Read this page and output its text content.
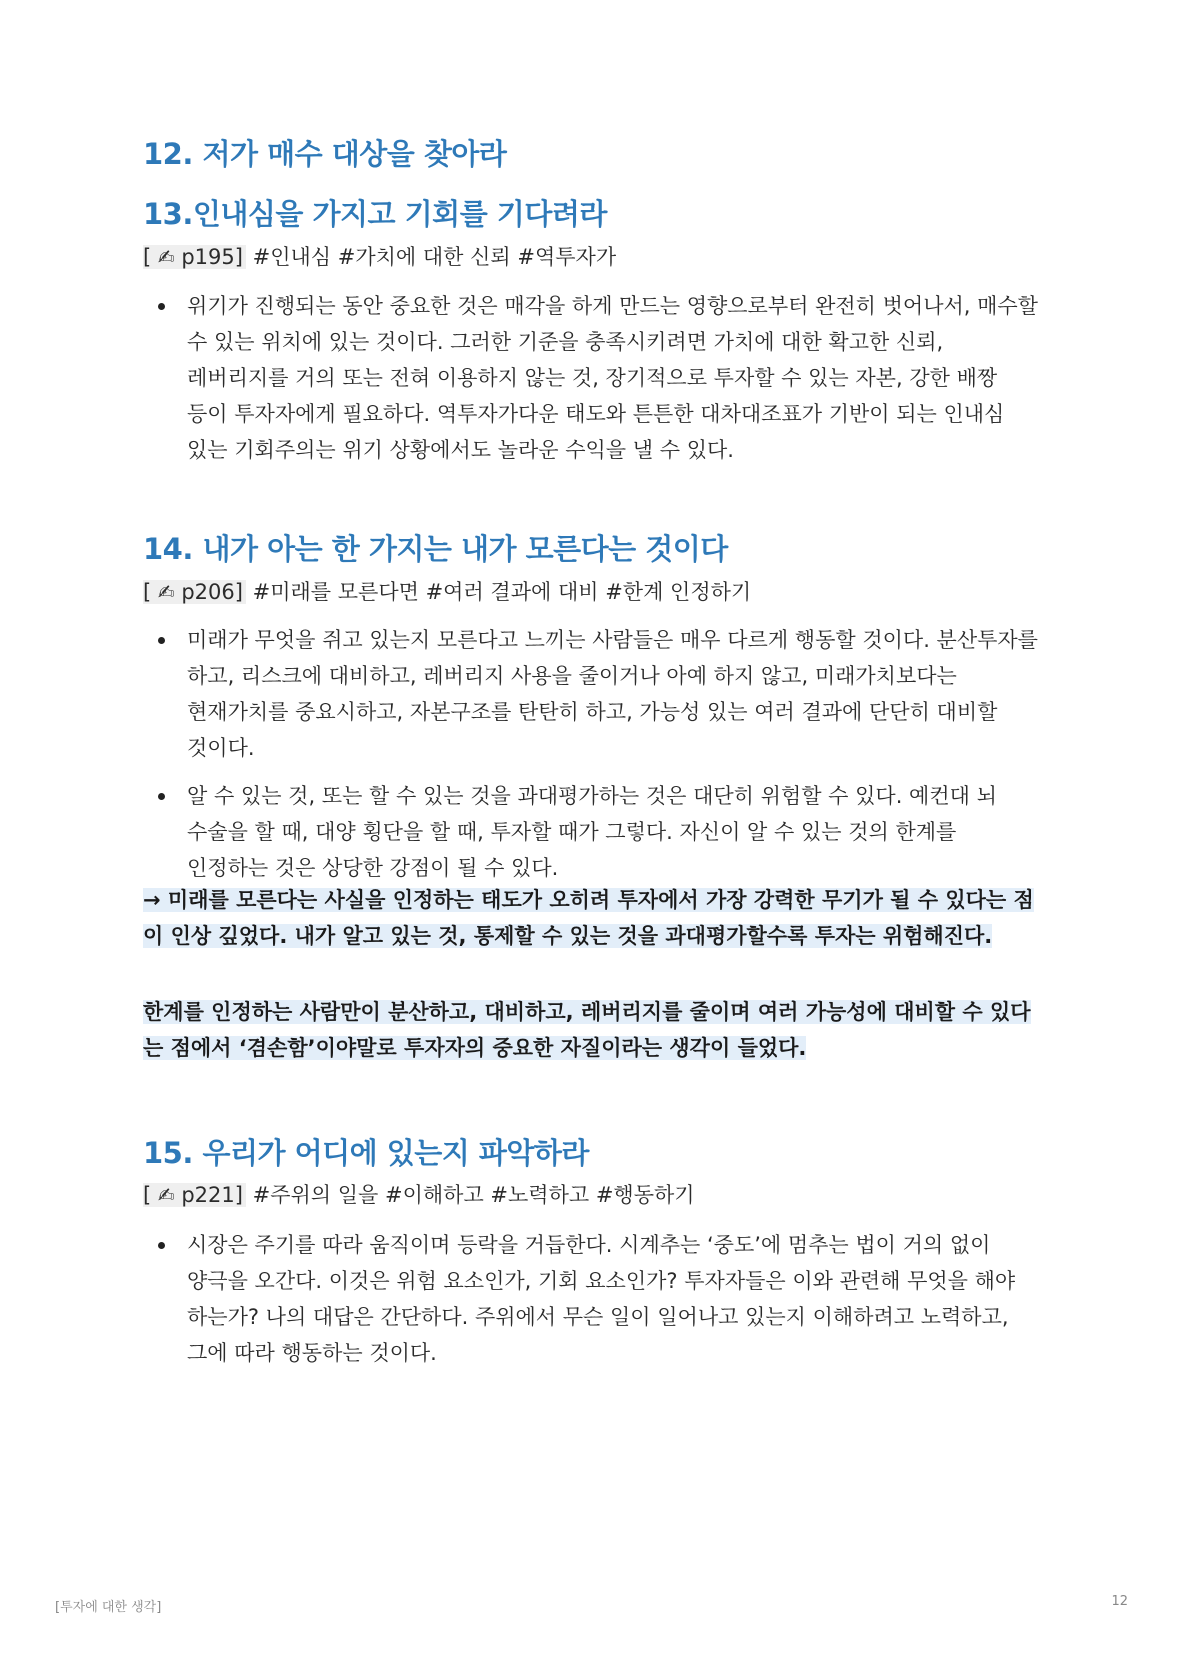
12. 저가 매수 대상을 찾아라
13.인내심을 가지고 기회를 기다려라

[ ✍ p195] #인내심 #가치에 대한 신뢰 #역투자가

위기가 진행되는 동안 중요한 것은 매각을 하게 만드는 영향으로부터 완전히 벗어나서, 매수할 수 있는 위치에 있는 것이다. 그러한 기준을 충족시키려면 가치에 대한 확고한 신뢰, 레버리지를 거의 또는 전혀 이용하지 않는 것, 장기적으로 투자할 수 있는 자본, 강한 배짱 등이 투자자에게 필요하다. 역투자가다운 태도와 튼튼한 대차대조표가 기반이 되는 인내심 있는 기회주의는 위기 상황에서도 놀라운 수익을 낼 수 있다.
14. 내가 아는 한 가지는 내가 모른다는 것이다

[ ✍ p206] #미래를 모른다면 #여러 결과에 대비 #한계 인정하기

미래가 무엇을 쥐고 있는지 모른다고 느끼는 사람들은 매우 다르게 행동할 것이다. 분산투자를 하고, 리스크에 대비하고, 레버리지 사용을 줄이거나 아예 하지 않고, 미래가치보다는 현재가치를 중요시하고, 자본구조를 탄탄히 하고, 가능성 있는 여러 결과에 단단히 대비할 것이다.
알 수 있는 것, 또는 할 수 있는 것을 과대평가하는 것은 대단히 위험할 수 있다. 예컨대 뇌 수술을 할 때, 대양 횡단을 할 때, 투자할 때가 그렇다. 자신이 알 수 있는 것의 한계를 인정하는 것은 상당한 강점이 될 수 있다.

→ 미래를 모른다는 사실을 인정하는 태도가 오히려 투자에서 가장 강력한 무기가 될 수 있다는 점이 인상 깊었다. 내가 알고 있는 것, 통제할 수 있는 것을 과대평가할수록 투자는 위험해진다.

한계를 인정하는 사람만이 분산하고, 대비하고, 레버리지를 줄이며 여러 가능성에 대비할 수 있다는 점에서 ‘겸손함’이야말로 투자자의 중요한 자질이라는 생각이 들었다.

15. 우리가 어디에 있는지 파악하라

[ ✍ p221] #주위의 일을 #이해하고 #노력하고 #행동하기

시장은 주기를 따라 움직이며 등락을 거듭한다. 시계추는 ‘중도’에 멈추는 법이 거의 없이 양극을 오간다. 이것은 위험 요소인가, 기회 요소인가? 투자자들은 이와 관련해 무엇을 해야 하는가? 나의 대답은 간단하다. 주위에서 무슨 일이 일어나고 있는지 이해하려고 노력하고, 그에 따라 행동하는 것이다.
[투자에 대한 생각]	12
